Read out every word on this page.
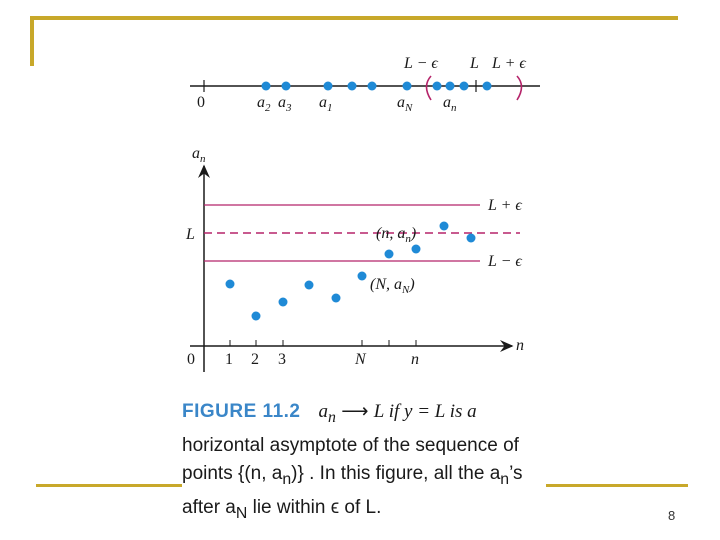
0	$a_2$ $a_3$ $a_1$	$a_N$ $a_n$
L − ϵ L L + ϵ
$a_n$
n
0 1 2 3	N	n
L
L + ϵ
L − ϵ
(n, $a_n$)
(N, $a_N$)
FIGURE 11.2 $a_n$ ⟶ L if y = L is a
horizontal asymptote of the sequence of
points {(n, $a_n$)} . In this figure, all the $a_n’s$
after $a_N$ lie within ϵ of L.	8
